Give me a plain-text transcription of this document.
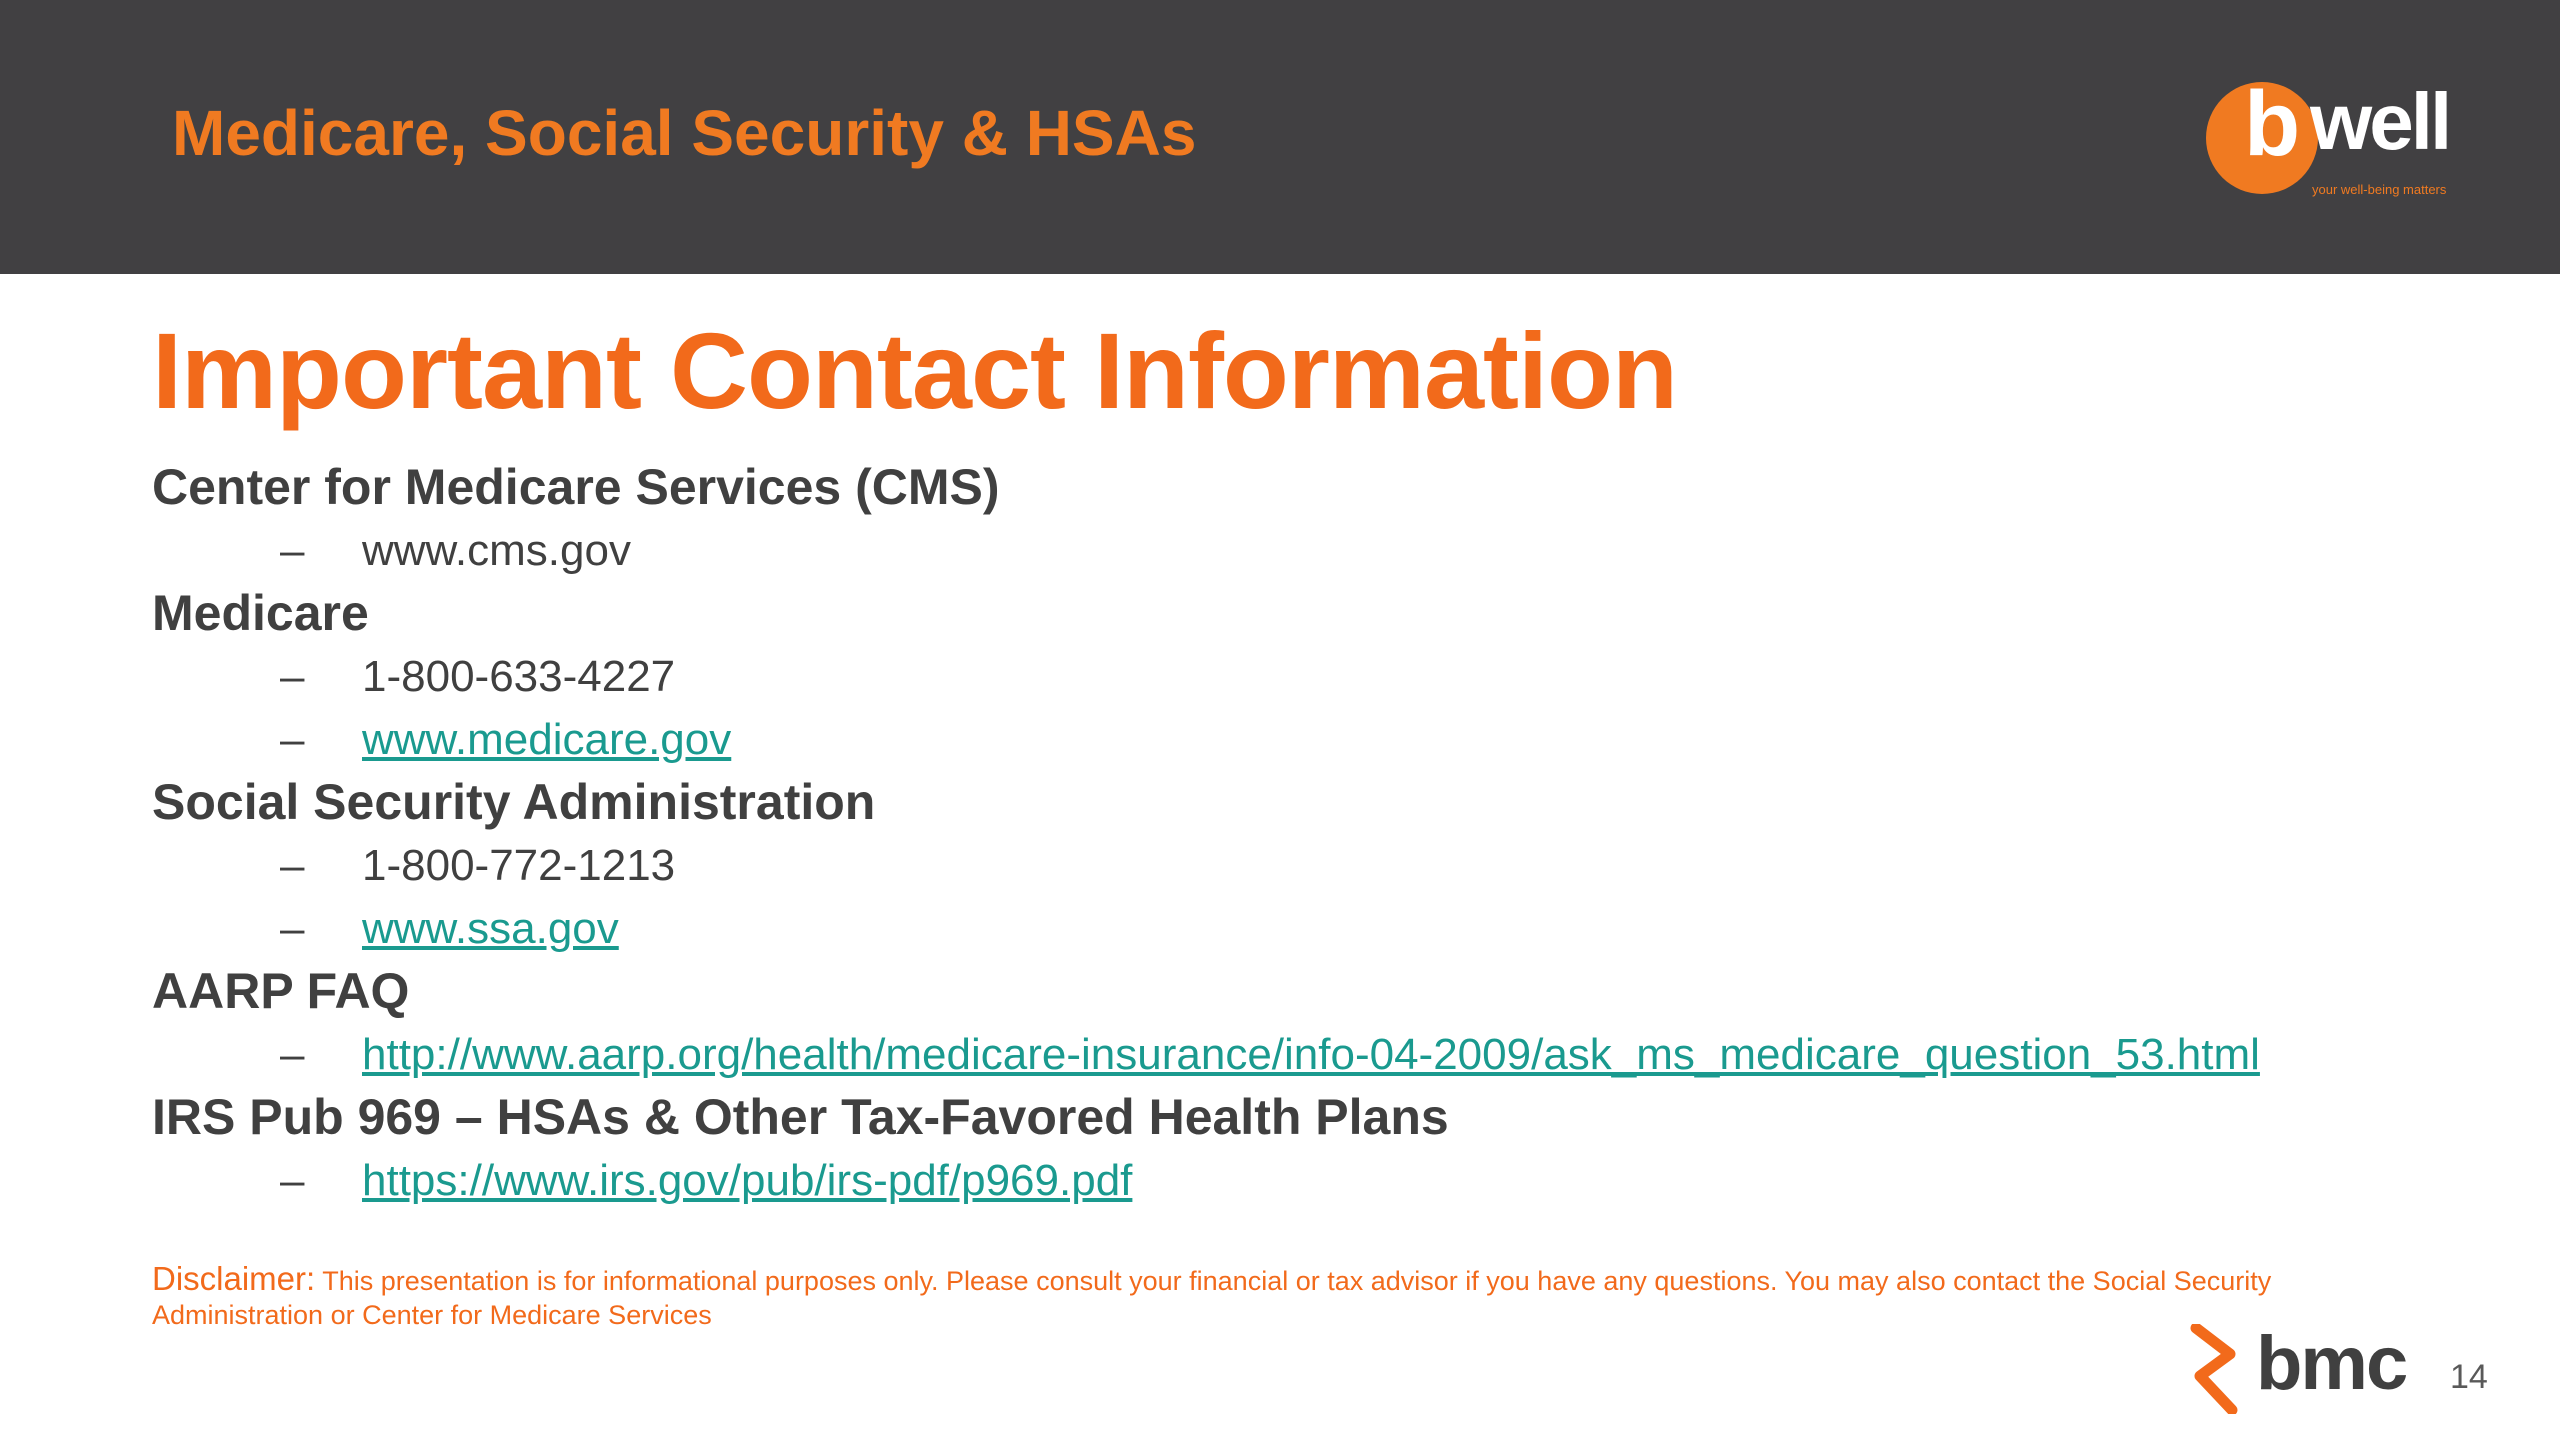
Medicare, Social Security & HSAs	b well
your well-being matters
Important Contact Information
Center for Medicare Services (CMS)
– www.cms.gov
Medicare
– 1-800-633-4227
– www.medicare.gov
Social Security Administration
– 1-800-772-1213
– www.ssa.gov
AARP FAQ
– http://www.aarp.org/health/medicare-insurance/info-04-2009/ask_ms_medicare_question_53.html
IRS Pub 969 – HSAs & Other Tax-Favored Health Plans
– https://www.irs.gov/pub/irs-pdf/p969.pdf
Disclaimer: This presentation is for informational purposes only. Please consult your financial or tax advisor if you have any questions. You may also contact the Social Security Administration or Center for Medicare Services
bmc 14
